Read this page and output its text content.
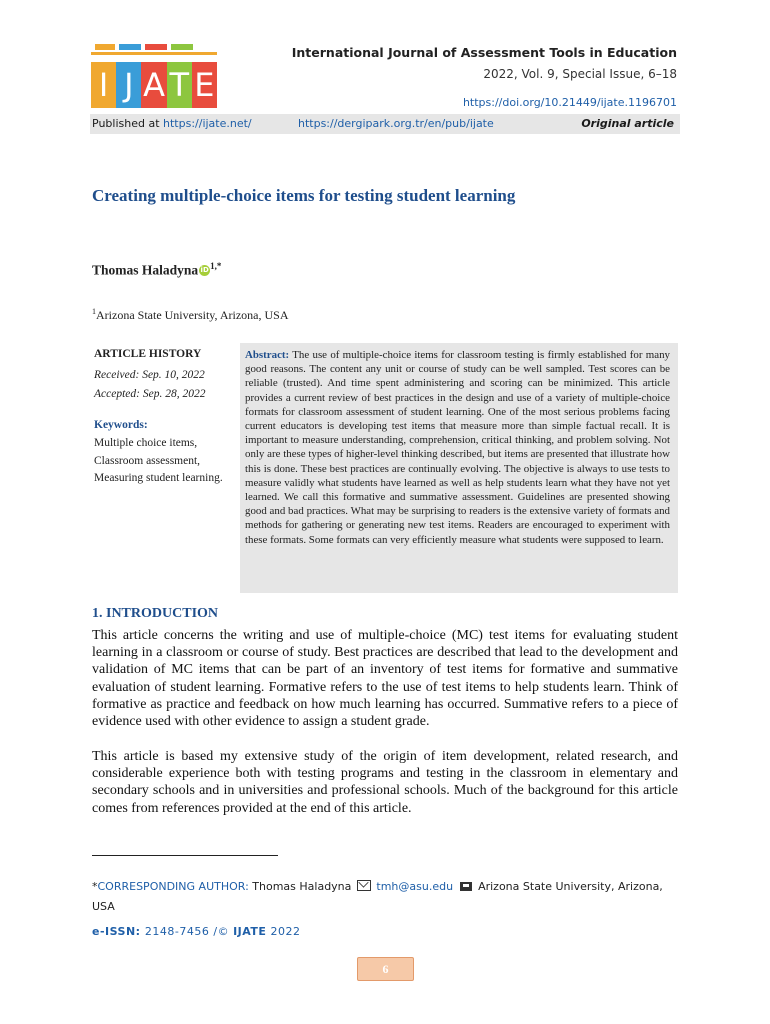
I J A T E
International Journal of Assessment Tools in Education
2022, Vol. 9, Special Issue, 6–18
https://doi.org/10.21449/ijate.1196701
Published at https://ijate.net/	https://dergipark.org.tr/en/pub/ijate	Original article
Creating multiple-choice items for testing student learning
Thomas Haladyna $iD^{1,*}$
$^1$Arizona State University, Arizona, USA
ARTICLE HISTORY
Received: Sep. 10, 2022
Accepted: Sep. 28, 2022
Keywords:
Multiple choice items,
Classroom assessment,
Measuring student learning.
Abstract: The use of multiple-choice items for classroom testing is firmly established for many good reasons. The content any unit or course of study can be well sampled. Test scores can be reliable (trusted). And time spent administering and scoring can be minimized. This article provides a current review of best practices in the design and use of a variety of multiple-choice formats for classroom assessment of student learning. One of the most serious problems facing current educators is developing test items that measure more than simple factual recall. It is important to measure understanding, comprehension, critical thinking, and problem solving. Not only are these types of higher-level thinking described, but items are presented that illustrate how this is done. These best practices are continually evolving. The objective is always to use tests to measure validly what students have learned as well as help students learn what they have not yet learned. We call this formative and summative assessment. Guidelines are presented showing good and bad practices. What may be surprising to readers is the extensive variety of formats and methods for gathering or generating new test items. Readers are encouraged to experiment with these formats. Some formats can very efficiently measure what students were supposed to learn.
1. INTRODUCTION
This article concerns the writing and use of multiple-choice (MC) test items for evaluating student learning in a classroom or course of study. Best practices are described that lead to the development and validation of MC items that can be part of an inventory of test items for formative and summative evaluation of student learning. Formative refers to the use of test items to help students learn. Think of formative as practice and feedback on how much learning has occurred. Summative refers to a piece of evidence used with other evidence to assign a student grade.
This article is based my extensive study of the origin of item development, related research, and considerable experience both with testing programs and testing in the classroom in elementary and secondary schools and in universities and professional schools. Much of the background for this article comes from references provided at the end of this article.
*CORRESPONDING AUTHOR: Thomas Haladyna tmh@asu.edu Arizona State University, Arizona, USA
e-ISSN: 2148-7456 /© IJATE 2022
6
